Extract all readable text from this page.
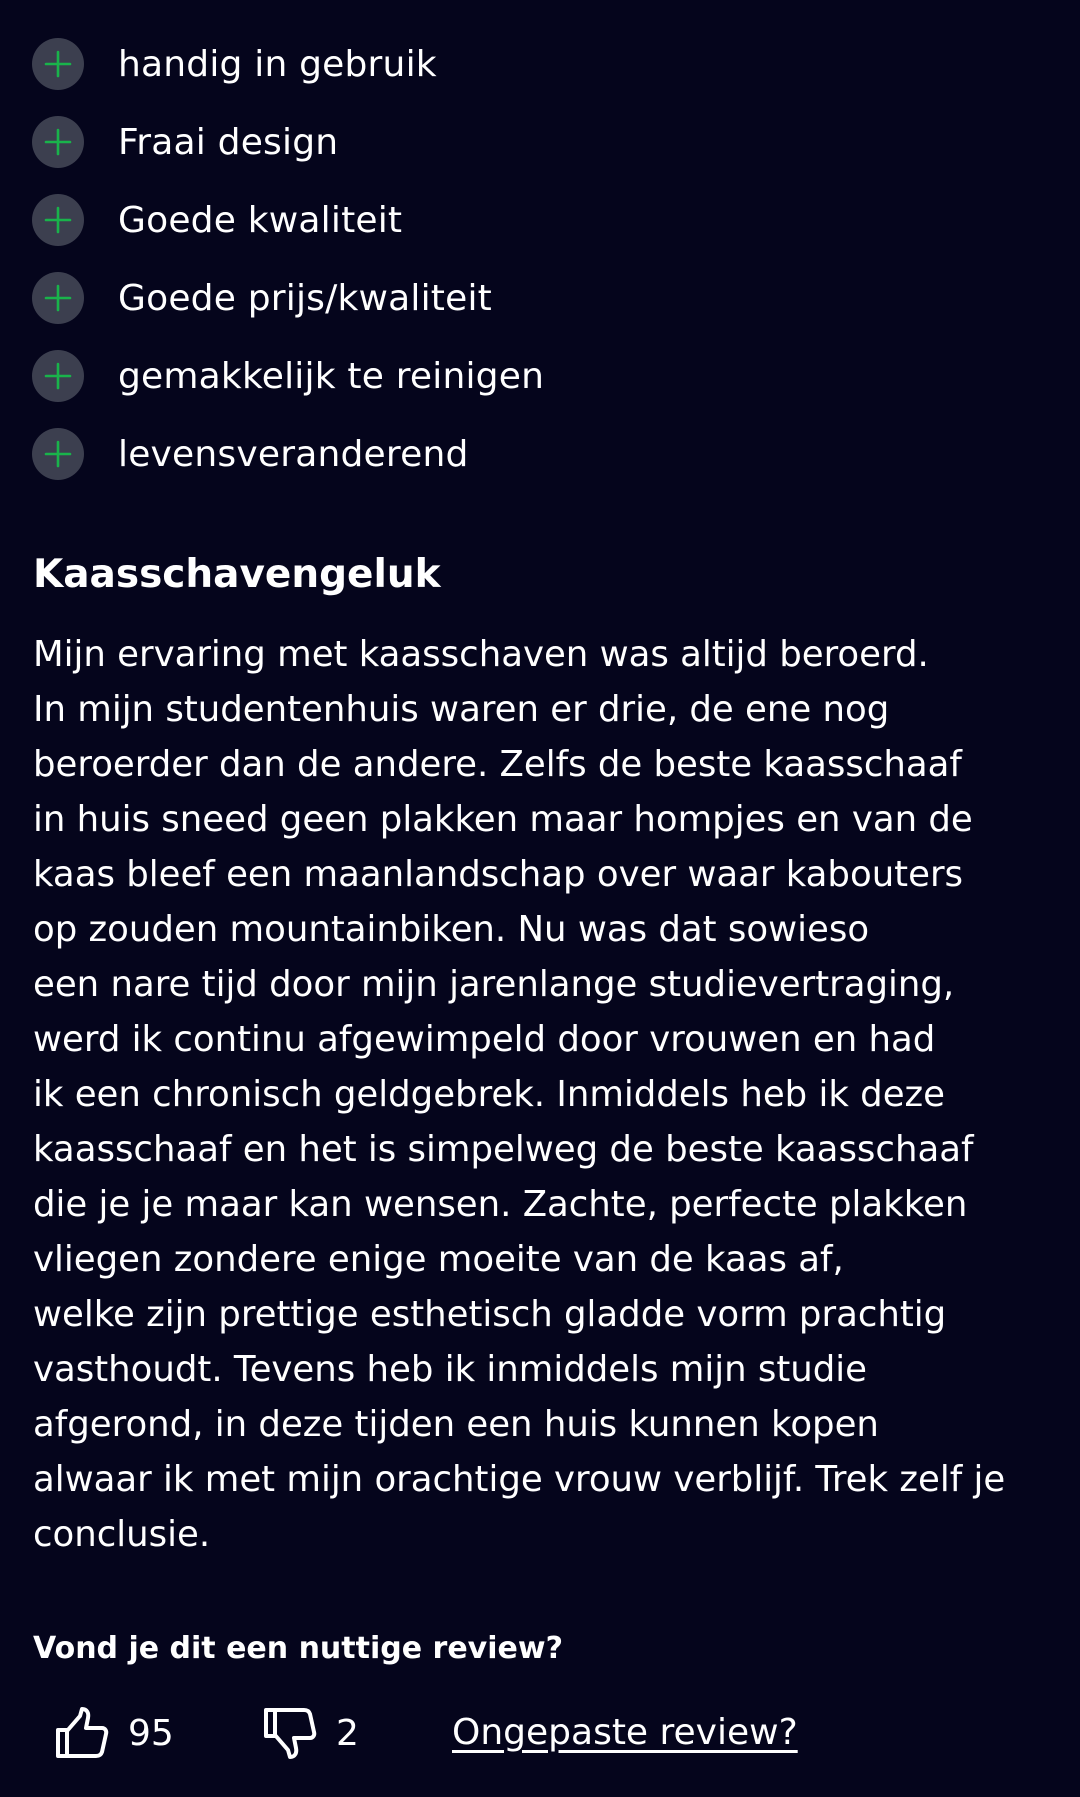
handig in gebruik
Fraai design
Goede kwaliteit
Goede prijs/kwaliteit
gemakkelijk te reinigen
levensveranderend
Kaasschavengeluk
Mijn ervaring met kaasschaven was altijd beroerd.
In mijn studentenhuis waren er drie, de ene nog
beroerder dan de andere. Zelfs de beste kaasschaaf
in huis sneed geen plakken maar hompjes en van de
kaas bleef een maanlandschap over waar kabouters
op zouden mountainbiken. Nu was dat sowieso
een nare tijd door mijn jarenlange studievertraging,
werd ik continu afgewimpeld door vrouwen en had
ik een chronisch geldgebrek. Inmiddels heb ik deze
kaasschaaf en het is simpelweg de beste kaasschaaf
die je je maar kan wensen. Zachte, perfecte plakken
vliegen zondere enige moeite van de kaas af,
welke zijn prettige esthetisch gladde vorm prachtig
vasthoudt. Tevens heb ik inmiddels mijn studie
afgerond, in deze tijden een huis kunnen kopen
alwaar ik met mijn orachtige vrouw verblijf. Trek zelf je
conclusie.

Vond je dit een nuttige review?

95	2	Ongepaste review?
